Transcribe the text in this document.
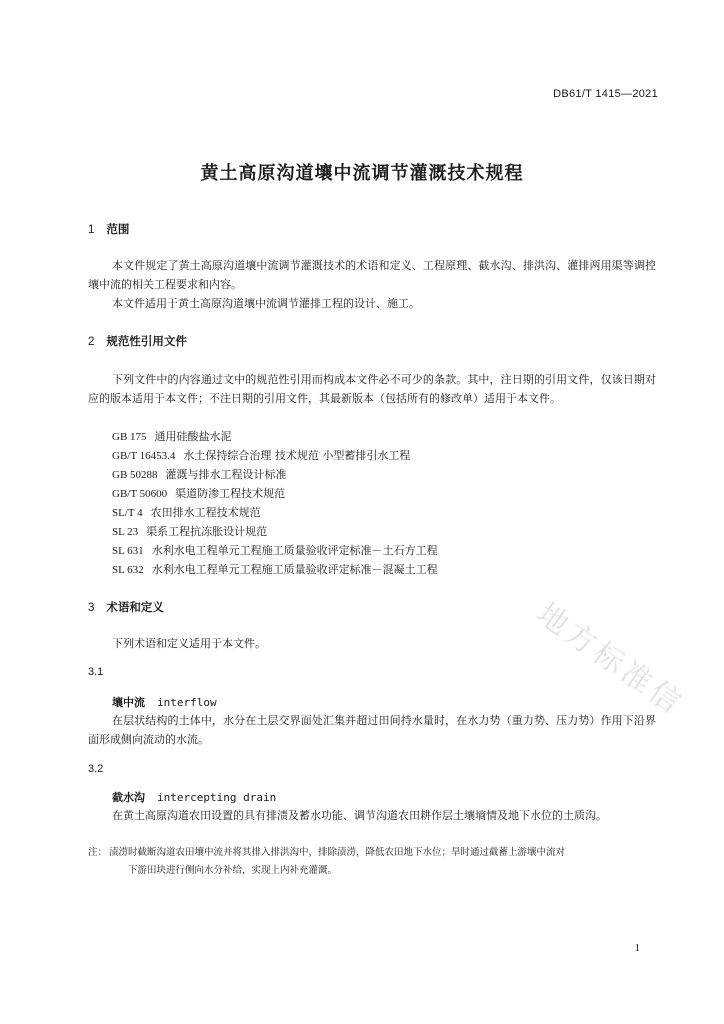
DB61/T 1415—2021
黄土高原沟道壤中流调节灌溉技术规程
1 范围

本文件规定了黄土高原沟道壤中流调节灌溉技术的术语和定义、工程原理、截水沟、排洪沟、灌排两用渠等调控壤中流的相关工程要求和内容。

本文件适用于黄土高原沟道壤中流调节灌排工程的设计、施工。

2 规范性引用文件

下列文件中的内容通过文中的规范性引用而构成本文件必不可少的条款。其中，注日期的引用文件，仅该日期对应的版本适用于本文件；不注日期的引用文件，其最新版本（包括所有的修改单）适用于本文件。

GB 175 通用硅酸盐水泥
GB/T 16453.4 水土保持综合治理 技术规范 小型蓄排引水工程
GB 50288 灌溉与排水工程设计标准
GB/T 50600 渠道防渗工程技术规范
SL/T 4 农田排水工程技术规范
SL 23 渠系工程抗冻胀设计规范
SL 631 水利水电工程单元工程施工质量验收评定标准－土石方工程
SL 632 水利水电工程单元工程施工质量验收评定标准－混凝土工程
3 术语和定义

下列术语和定义适用于本文件。

3.1
壤中流 interflow

在层状结构的土体中，水分在土层交界面处汇集并超过田间持水量时，在水力势（重力势、压力势）作用下沿界面形成侧向流动的水流。

3.2
截水沟 intercepting drain

在黄土高原沟道农田设置的具有排渍及蓄水功能、调节沟道农田耕作层土壤墒情及地下水位的土质沟。

注： 渍涝时截断沟道农田壤中流并将其排入排洪沟中，排除渍涝，降低农田地下水位；旱时通过截蓄上游壤中流对
下游田块进行侧向水分补给，实现上内补充灌溉。
1
地方标准信
